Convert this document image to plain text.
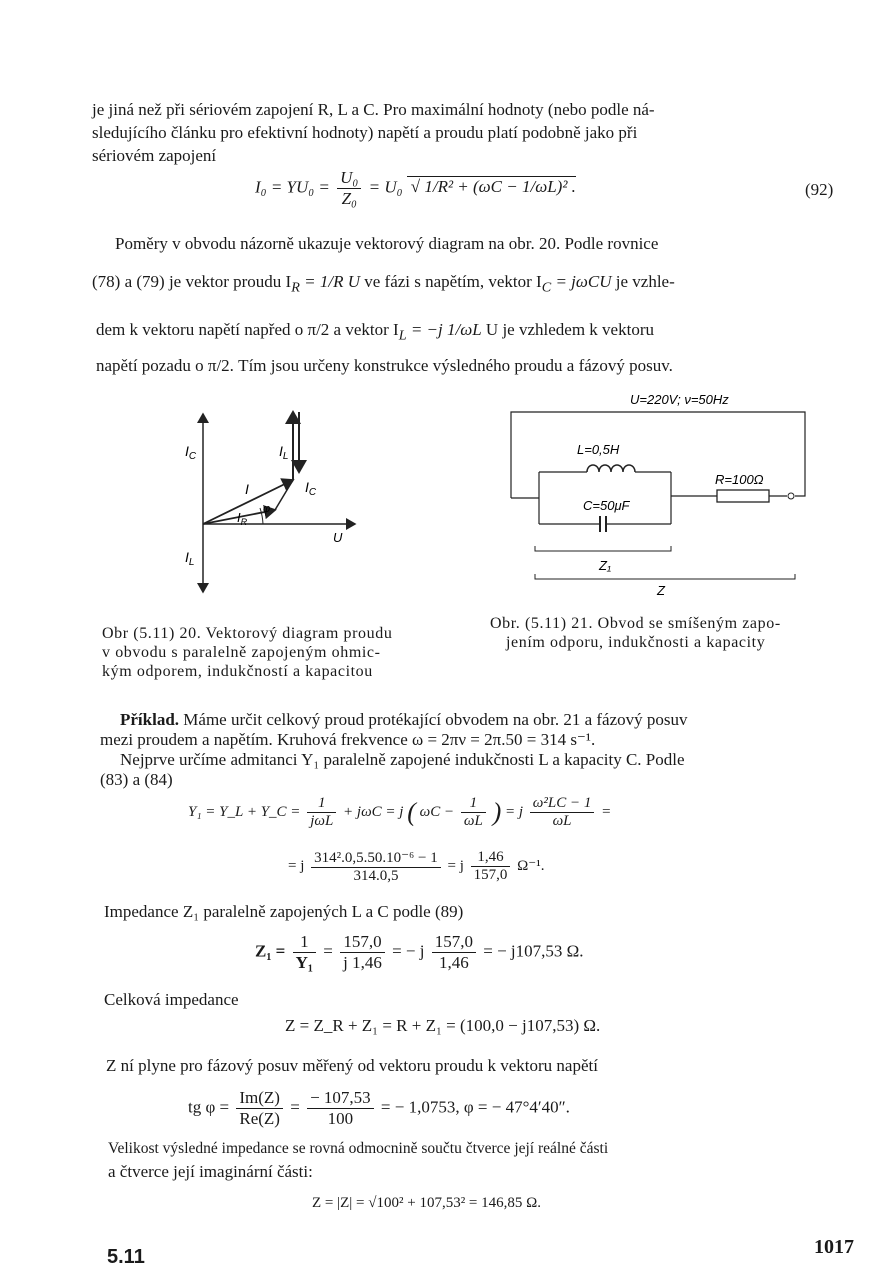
je jiná než při sériovém zapojení R, L a C. Pro maximální hodnoty (nebo podle ná-
sledujícího článku pro efektivní hodnoty) napětí a proudu platí podobně jako při
sériovém zapojení
$I_0 = YU_0 = \frac{\text{U₀}}{\text{Z₀}} = U_0$ √ 1/R² + (ωC − 1/ωL)² .	(92)
Poměry v obvodu názorně ukazuje vektorový diagram na obr. 20. Podle rovnice
(78) a (79) je vektor proudu $I_R = 1/R$ U ve fázi s napětím, vektor $I_C = j\omega CU$ je vzhle-
dem k vektoru napětí napřed o π/2 a vektor $I_L = -j$ 1/ωL U je vzhledem k vektoru
napětí pozadu o π/2. Tím jsou určeny konstrukce výsledného proudu a fázový posuv.
$I_C$	$I_L$
I
$I_R$
φ
U
$I_L$
$I_C$
U=220V; ν=50Hz
L=0,5H
C=50μF
R=100Ω
Z₁
Z
Obr (5.11) 20. Vektorový diagram proudu
v obvodu s paralelně zapojeným ohmic-
kým odporem, indukčností a kapacitou
Obr. (5.11) 21. Obvod se smíšeným zapo-
jením odporu, indukčnosti a kapacity
Příklad. Máme určit celkový proud protékající obvodem na obr. 21 a fázový posuv
mezi proudem a napětím. Kruhová frekvence ω = 2πν = 2π.50 = 314 s⁻¹.
Nejprve určíme admitanci Y₁ paralelně zapojené indukčnosti L a kapacity C. Podle
(83) a (84)
Y₁ = Y_L + Y_C = $\frac{1}{\text{jωL}} + j\omega C = j$ ( $\omega C - \frac{1}{\omega L}$ ) = j $\frac{\text{ω²LC − 1}}{\omega L}$ =
= j $\frac{\text{314².0,5.50.10⁻⁶ − 1}}{314.0,5} = j \frac{1,46}{157,0} \Omega^{-1}$.
Impedance Z₁ paralelně zapojených L a C podle (89)
$Z_1 = \frac{1}{\text{Y₁}} = \frac{157,0}{j 1,46}$ = − j $\frac{157,0}{1,46}$ = − j107,53 Ω.
Celková impedance
Z = Z_R + Z₁ = R + Z₁ = (100,0 − j107,53) Ω.
Z ní plyne pro fázový posuv měřený od vektoru proudu k vektoru napětí
tg $\varphi = \frac{Im(Z)}{Re(Z)} = \frac{- 107,53}{100}$ = − 1,0753, φ = − 47°4′40″.
Velikost výsledné impedance se rovná odmocnině součtu čtverce její reálné části
a čtverce její imaginární části:
Z = |Z| = √100² + 107,53² = 146,85 Ω.
5.11	1017
